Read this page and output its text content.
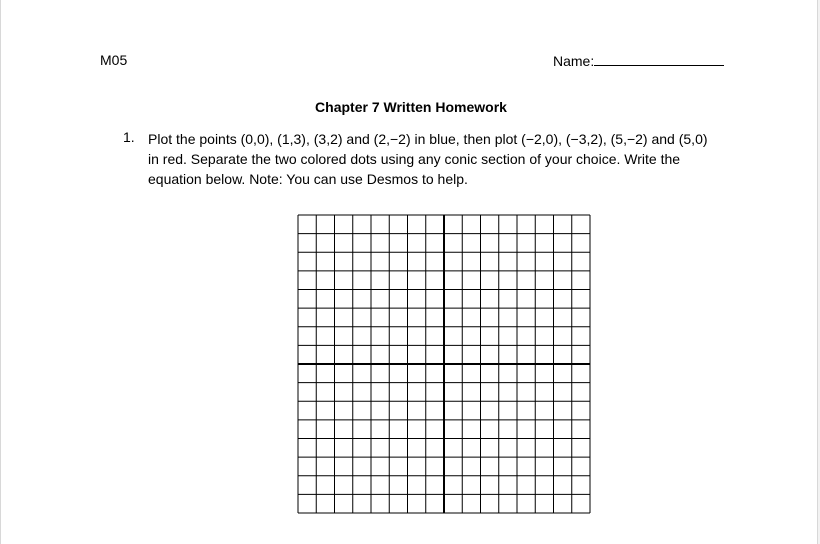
M05	Name:
Chapter 7 Written Homework
1. Plot the points (0,0), (1,3), (3,2) and (2,−2) in blue, then plot (−2,0), (−3,2), (5,−2) and (5,0) in red. Separate the two colored dots using any conic section of your choice. Write the equation below. Note: You can use Desmos to help.
